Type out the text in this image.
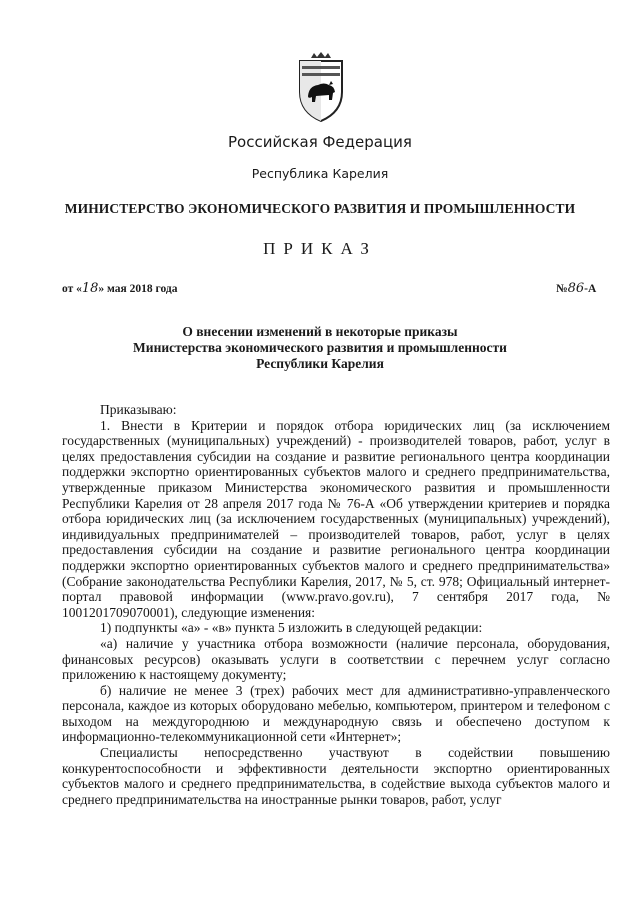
Российская Федерация
Республика Карелия
МИНИСТЕРСТВО ЭКОНОМИЧЕСКОГО РАЗВИТИЯ И ПРОМЫШЛЕННОСТИ
ПРИКАЗ
от «18» мая 2018 года	№86-А
О внесении изменений в некоторые приказы
Министерства экономического развития и промышленности
Республики Карелия

Приказываю:

1. Внести в Критерии и порядок отбора юридических лиц (за исключением государственных (муниципальных) учреждений) - производителей товаров, работ, услуг в целях предоставления субсидии на создание и развитие регионального центра координации поддержки экспортно ориентированных субъектов малого и среднего предпринимательства, утвержденные приказом Министерства экономического развития и промышленности Республики Карелия от 28 апреля 2017 года № 76-А «Об утверждении критериев и порядка отбора юридических лиц (за исключением государственных (муниципальных) учреждений), индивидуальных предпринимателей – производителей товаров, работ, услуг в целях предоставления субсидии на создание и развитие регионального центра координации поддержки экспортно ориентированных субъектов малого и среднего предпринимательства» (Собрание законодательства Республики Карелия, 2017, № 5, ст. 978; Официальный интернет-портал правовой информации (www.pravo.gov.ru), 7 сентября 2017 года, № 1001201709070001), следующие изменения:

1) подпункты «а» - «в» пункта 5 изложить в следующей редакции:

«а) наличие у участника отбора возможности (наличие персонала, оборудования, финансовых ресурсов) оказывать услуги в соответствии с перечнем услуг согласно приложению к настоящему документу;

б) наличие не менее 3 (трех) рабочих мест для административно-управленческого персонала, каждое из которых оборудовано мебелью, компьютером, принтером и телефоном с выходом на междугороднюю и международную связь и обеспечено доступом к информационно-телекоммуникационной сети «Интернет»;

Специалисты непосредственно участвуют в содействии повышению конкурентоспособности и эффективности деятельности экспортно ориентированных субъектов малого и среднего предпринимательства, в содействие выхода субъектов малого и среднего предпринимательства на иностранные рынки товаров, работ, услуг
